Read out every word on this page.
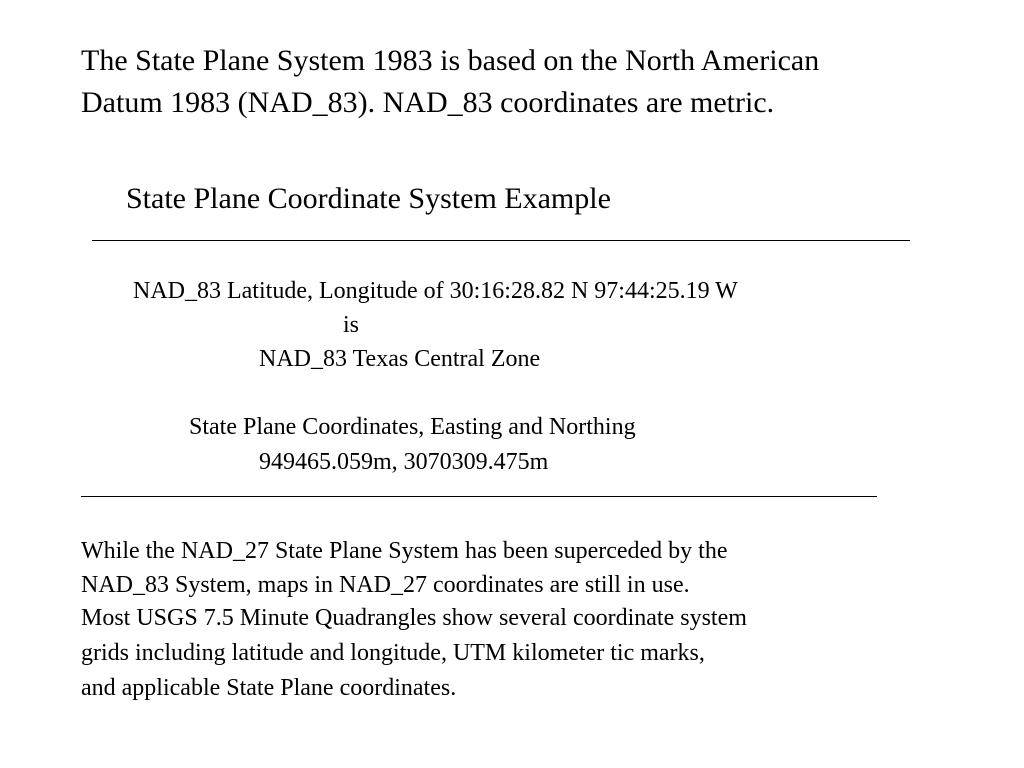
The State Plane System 1983 is based on the North American
Datum 1983 (NAD_83). NAD_83 coordinates are metric.
State Plane Coordinate System Example
NAD_83 Latitude, Longitude of 30:16:28.82 N 97:44:25.19 W
is
NAD_83 Texas Central Zone
State Plane Coordinates, Easting and Northing
949465.059m, 3070309.475m
While the NAD_27 State Plane System has been superceded by the
NAD_83 System, maps in NAD_27 coordinates are still in use.
Most USGS 7.5 Minute Quadrangles show several coordinate system
grids including latitude and longitude, UTM kilometer tic marks,
and applicable State Plane coordinates.
